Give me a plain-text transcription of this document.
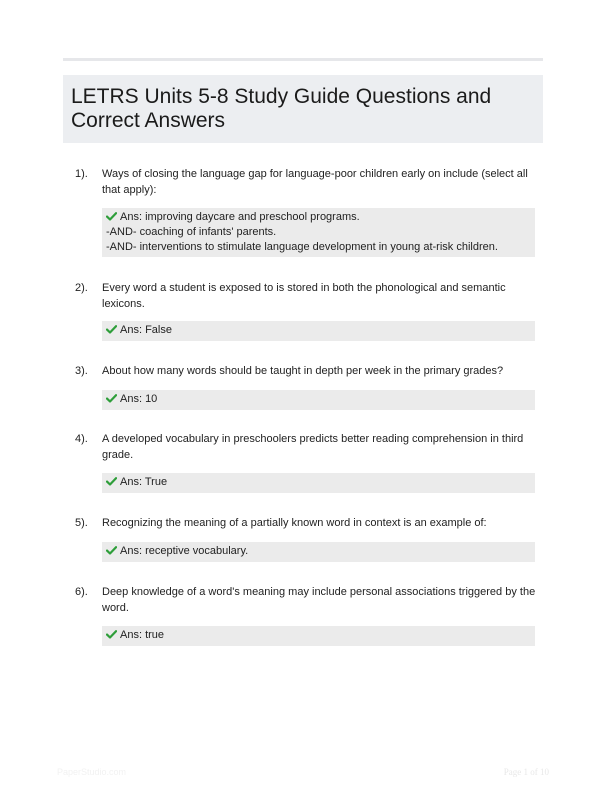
LETRS Units 5-8 Study Guide Questions and Correct Answers
1). Ways of closing the language gap for language-poor children early on include (select all that apply):
Ans: improving daycare and preschool programs.
-AND- coaching of infants' parents.
-AND- interventions to stimulate language development in young at-risk children.
2). Every word a student is exposed to is stored in both the phonological and semantic lexicons.
Ans: False
3). About how many words should be taught in depth per week in the primary grades?
Ans: 10
4). A developed vocabulary in preschoolers predicts better reading comprehension in third grade.
Ans: True
5). Recognizing the meaning of a partially known word in context is an example of:
Ans: receptive vocabulary.
6). Deep knowledge of a word's meaning may include personal associations triggered by the word.
Ans: true
PaperStudio.com	Page 1 of 10
